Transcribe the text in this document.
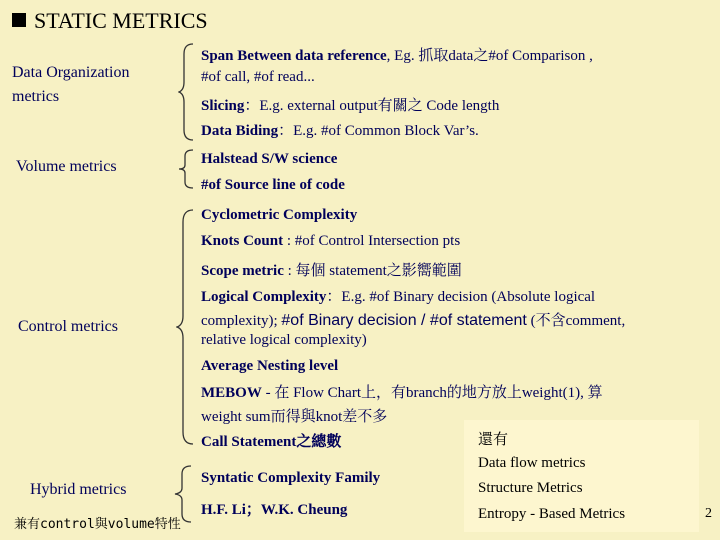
STATIC METRICS
Data Organization
metrics
Span Between data reference, Eg. 抓取data之#of Comparison ,
#of call, #of read...
Slicing：E.g. external output有關之 Code length
Data Biding：E.g. #of Common Block Var’s.
Volume metrics	Halstead S/W science
#of Source line of code
Control metrics
Cyclometric Complexity
Knots Count : #of Control Intersection pts
Scope metric : 每個 statement之影嚮範圍
Logical Complexity：E.g. #of Binary decision (Absolute logical
complexity); #of Binary decision / #of statement (不含comment,
relative logical complexity)
Average Nesting level
MEBOW - 在 Flow Chart上，有branch的地方放上weight(1), 算
weight sum而得與knot差不多
Call Statement之總數	還有
Data flow metrics
Structure Metrics
Entropy - Based Metrics
Hybrid metrics
兼有control與volume特性
Syntatic Complexity Family
H.F. Li；W.K. Cheung	2
